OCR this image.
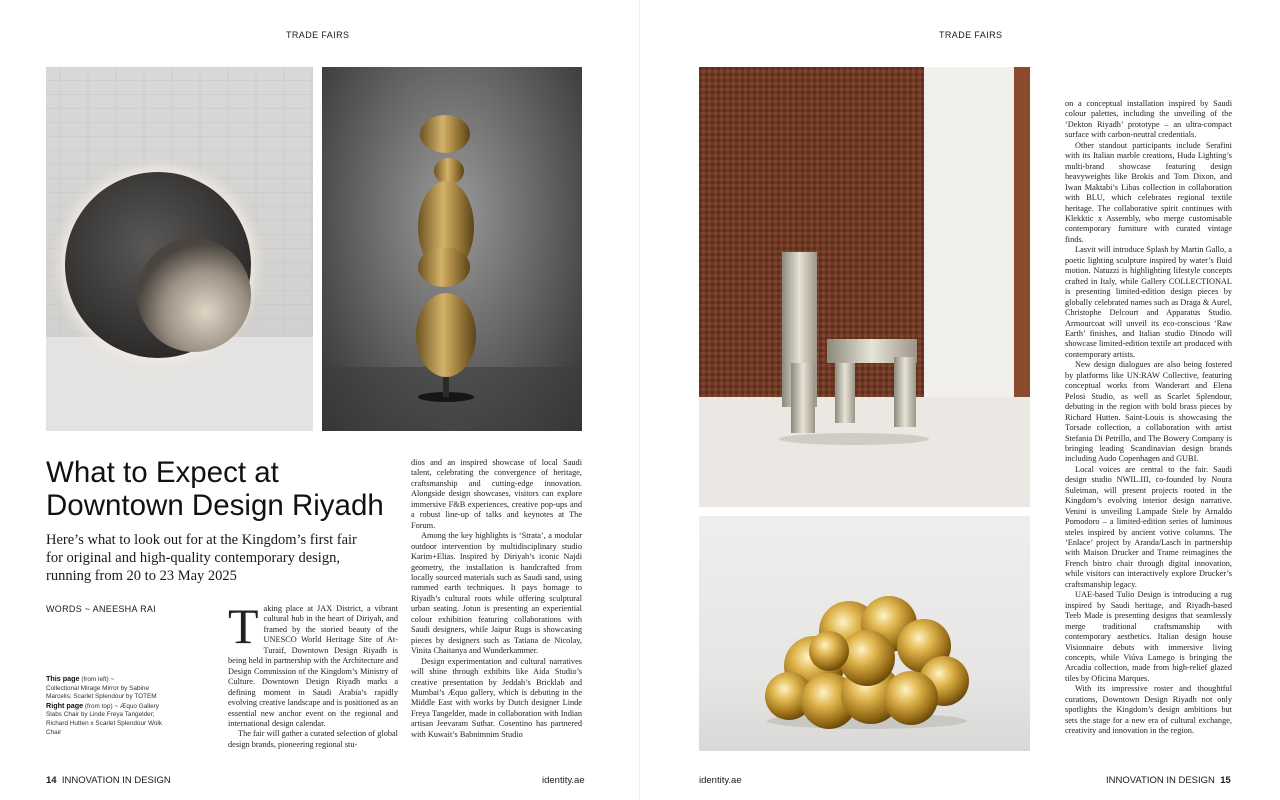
TRADE FAIRS
What to Expect at
Downtown Design Riyadh
Here’s what to look out for at the Kingdom’s first fair for original and high-quality contemporary design, running from 20 to 23 May 2025
WORDS ~ ANEESHA RAI
This page (from left) ~
Collectional Mirage Mirror by Sabine Marcelis; Scarlet Splendour by TOTEM
Right page (from top) ~ Æquo Gallery Slabs Chair by Linde Freya Tangelder; Richard Hutten x Scarlet Splendour Wolk Chair

Taking place at JAX District, a vibrant cultural hub in the heart of Diriyah, and framed by the storied beauty of the UNESCO World Heritage Site of At-Turaif, Downtown Design Riyadh is being held in partnership with the Architecture and Design Commission of the Kingdom’s Ministry of Culture. Downtown Design Riyadh marks a defining moment in Saudi Arabia’s rapidly evolving creative landscape and is positioned as an essential new anchor event on the regional and international design calendar.

The fair will gather a curated selection of global design brands, pioneering regional stu-

dios and an inspired showcase of local Saudi talent, celebrating the convergence of heritage, craftsmanship and cutting-edge innovation. Alongside design showcases, visitors can explore immersive F&B experiences, creative pop-ups and a robust line-up of talks and keynotes at The Forum.

Among the key highlights is ‘Strata’, a modular outdoor intervention by multidisciplinary studio Karim+Elias. Inspired by Diriyah’s iconic Najdi geometry, the installation is handcrafted from locally sourced materials such as Saudi sand, using rammed earth techniques. It pays homage to Riyadh’s cultural roots while offering sculptural urban seating. Jotun is presenting an experiential colour exhibition featuring collaborations with Saudi designers, while Jaipur Rugs is showcasing pieces by designers such as Tatiana de Nicolay, Vinita Chaitanya and Wunderkammer.

Design experimentation and cultural narratives will shine through exhibits like Aida Studio’s creative presentation by Jeddah’s Bricklab and Mumbai’s Æquo gallery, which is debuting in the Middle East with works by Dutch designer Linde Freya Tangelder, made in collaboration with Indian artisan Jeevaram Suthar. Cosentino has partnered with Kuwait’s Babnimnim Studio

14 INNOVATION IN DESIGN	identity.ae
TRADE FAIRS

on a conceptual installation inspired by Saudi colour palettes, including the unveiling of the ‘Dekton Riyadh’ prototype – an ultra-compact surface with carbon-neutral credentials.

Other standout participants include Serafini with its Italian marble creations, Huda Lighting’s multi-brand showcase featuring design heavyweights like Brokis and Tom Dixon, and Iwan Maktabi’s Libas collection in collaboration with BLU, which celebrates regional textile heritage. The collaborative spirit continues with Klekktic x Assembly, who merge customisable contemporary furniture with curated vintage finds.

Lasvit will introduce Splash by Martin Gallo, a poetic lighting sculpture inspired by water’s fluid motion. Natuzzi is highlighting lifestyle concepts crafted in Italy, while Gallery COLLECTIONAL is presenting limited-edition design pieces by globally celebrated names such as Draga & Aurel, Christophe Delcourt and Apparatus Studio. Armourcoat will unveil its eco-conscious ‘Raw Earth’ finishes, and Italian studio Dinodo will showcase limited-edition textile art produced with contemporary artists.

New design dialogues are also being fostered by platforms like UN:RAW Collective, featuring conceptual works from Wanderart and Elena Pelosi Studio, as well as Scarlet Splendour, debuting in the region with bold brass pieces by Richard Hutten. Saint-Louis is showcasing the Torsade collection, a collaboration with artist Stefania Di Petrillo, and The Bowery Company is bringing leading Scandinavian design brands including Audo Copenhagen and GUBI.

Local voices are central to the fair. Saudi design studio NWIL.III, co-founded by Noura Suleiman, will present projects rooted in the Kingdom’s evolving interior design narrative. Venini is unveiling Lampade Stele by Arnaldo Pomodoro – a limited-edition series of luminous steles inspired by ancient votive columns. The ‘Enlace’ project by Aranda/Lasch in partnership with Maison Drucker and Trame reimagines the French bistro chair through digital innovation, while visitors can interactively explore Drucker’s craftsmanship legacy.

UAE-based Tulio Design is introducing a rug inspired by Saudi heritage, and Riyadh-based Teeb Made is presenting designs that seamlessly merge traditional craftsmanship with contemporary aesthetics. Italian design house Visionnaire debuts with immersive living concepts, while Viúva Lamego is bringing the Arcadia collection, made from high-relief glazed tiles by Oficina Marques.

With its impressive roster and thoughtful curations, Downtown Design Riyadh not only spotlights the Kingdom’s design ambitions but sets the stage for a new era of cultural exchange, creativity and innovation in the region.

identity.ae	INNOVATION IN DESIGN 15
